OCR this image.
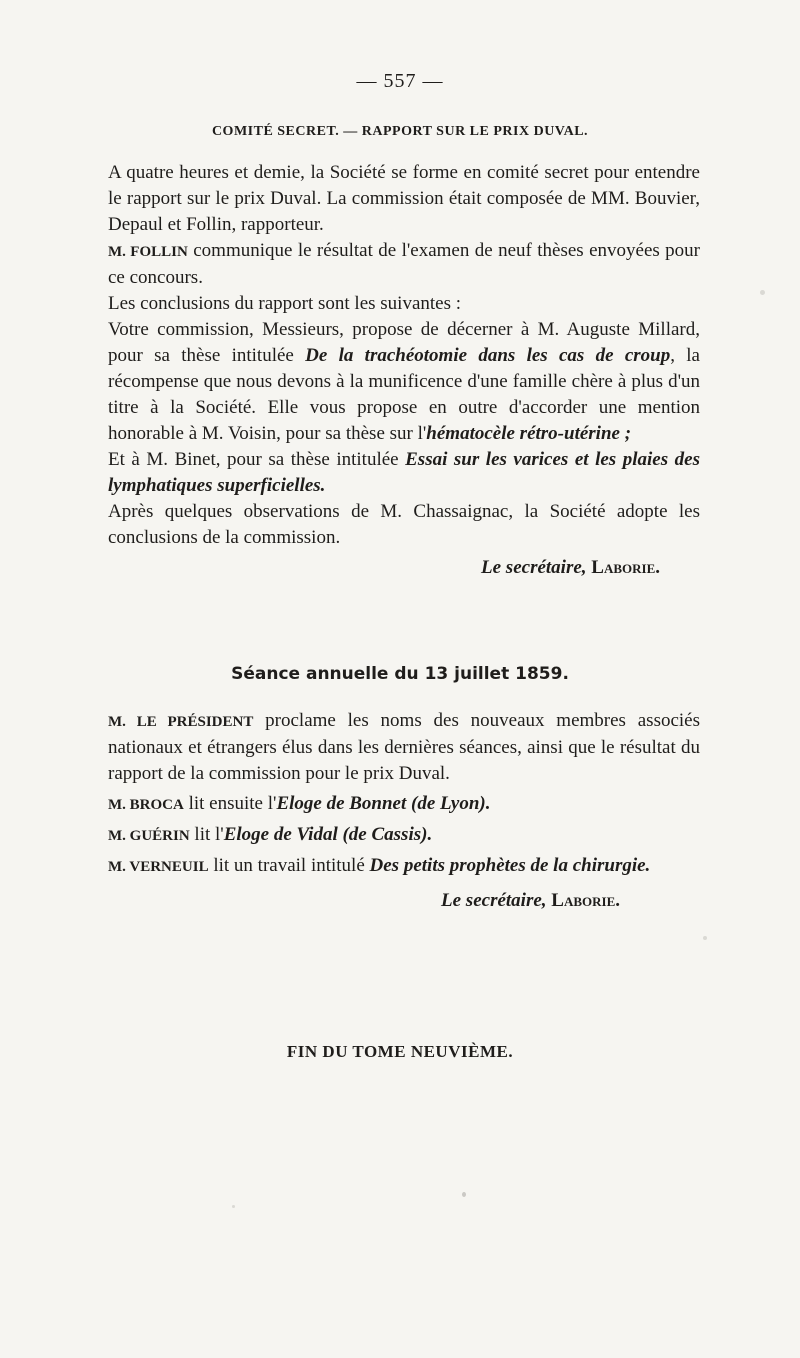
— 557 —
COMITÉ SECRET. — RAPPORT SUR LE PRIX DUVAL.

A quatre heures et demie, la Société se forme en comité secret pour entendre le rapport sur le prix Duval. La commission était composée de MM. Bouvier, Depaul et Follin, rapporteur.

M. FOLLIN communique le résultat de l'examen de neuf thèses envoyées pour ce concours.

Les conclusions du rapport sont les suivantes :

Votre commission, Messieurs, propose de décerner à M. Auguste Millard, pour sa thèse intitulée De la trachéotomie dans les cas de croup, la récompense que nous devons à la munificence d'une famille chère à plus d'un titre à la Société. Elle vous propose en outre d'accorder une mention honorable à M. Voisin, pour sa thèse sur l'hématocèle rétro-utérine ;

Et à M. Binet, pour sa thèse intitulée Essai sur les varices et les plaies des lymphatiques superficielles.

Après quelques observations de M. Chassaignac, la Société adopte les conclusions de la commission.

Le secrétaire, Laborie.
Séance annuelle du 13 juillet 1859.

M. LE PRÉSIDENT proclame les noms des nouveaux membres associés nationaux et étrangers élus dans les dernières séances, ainsi que le résultat du rapport de la commission pour le prix Duval.

M. BROCA lit ensuite l'Eloge de Bonnet (de Lyon).

M. GUÉRIN lit l'Eloge de Vidal (de Cassis).

M. VERNEUIL lit un travail intitulé Des petits prophètes de la chirurgie.

Le secrétaire, Laborie.
FIN DU TOME NEUVIÈME.
